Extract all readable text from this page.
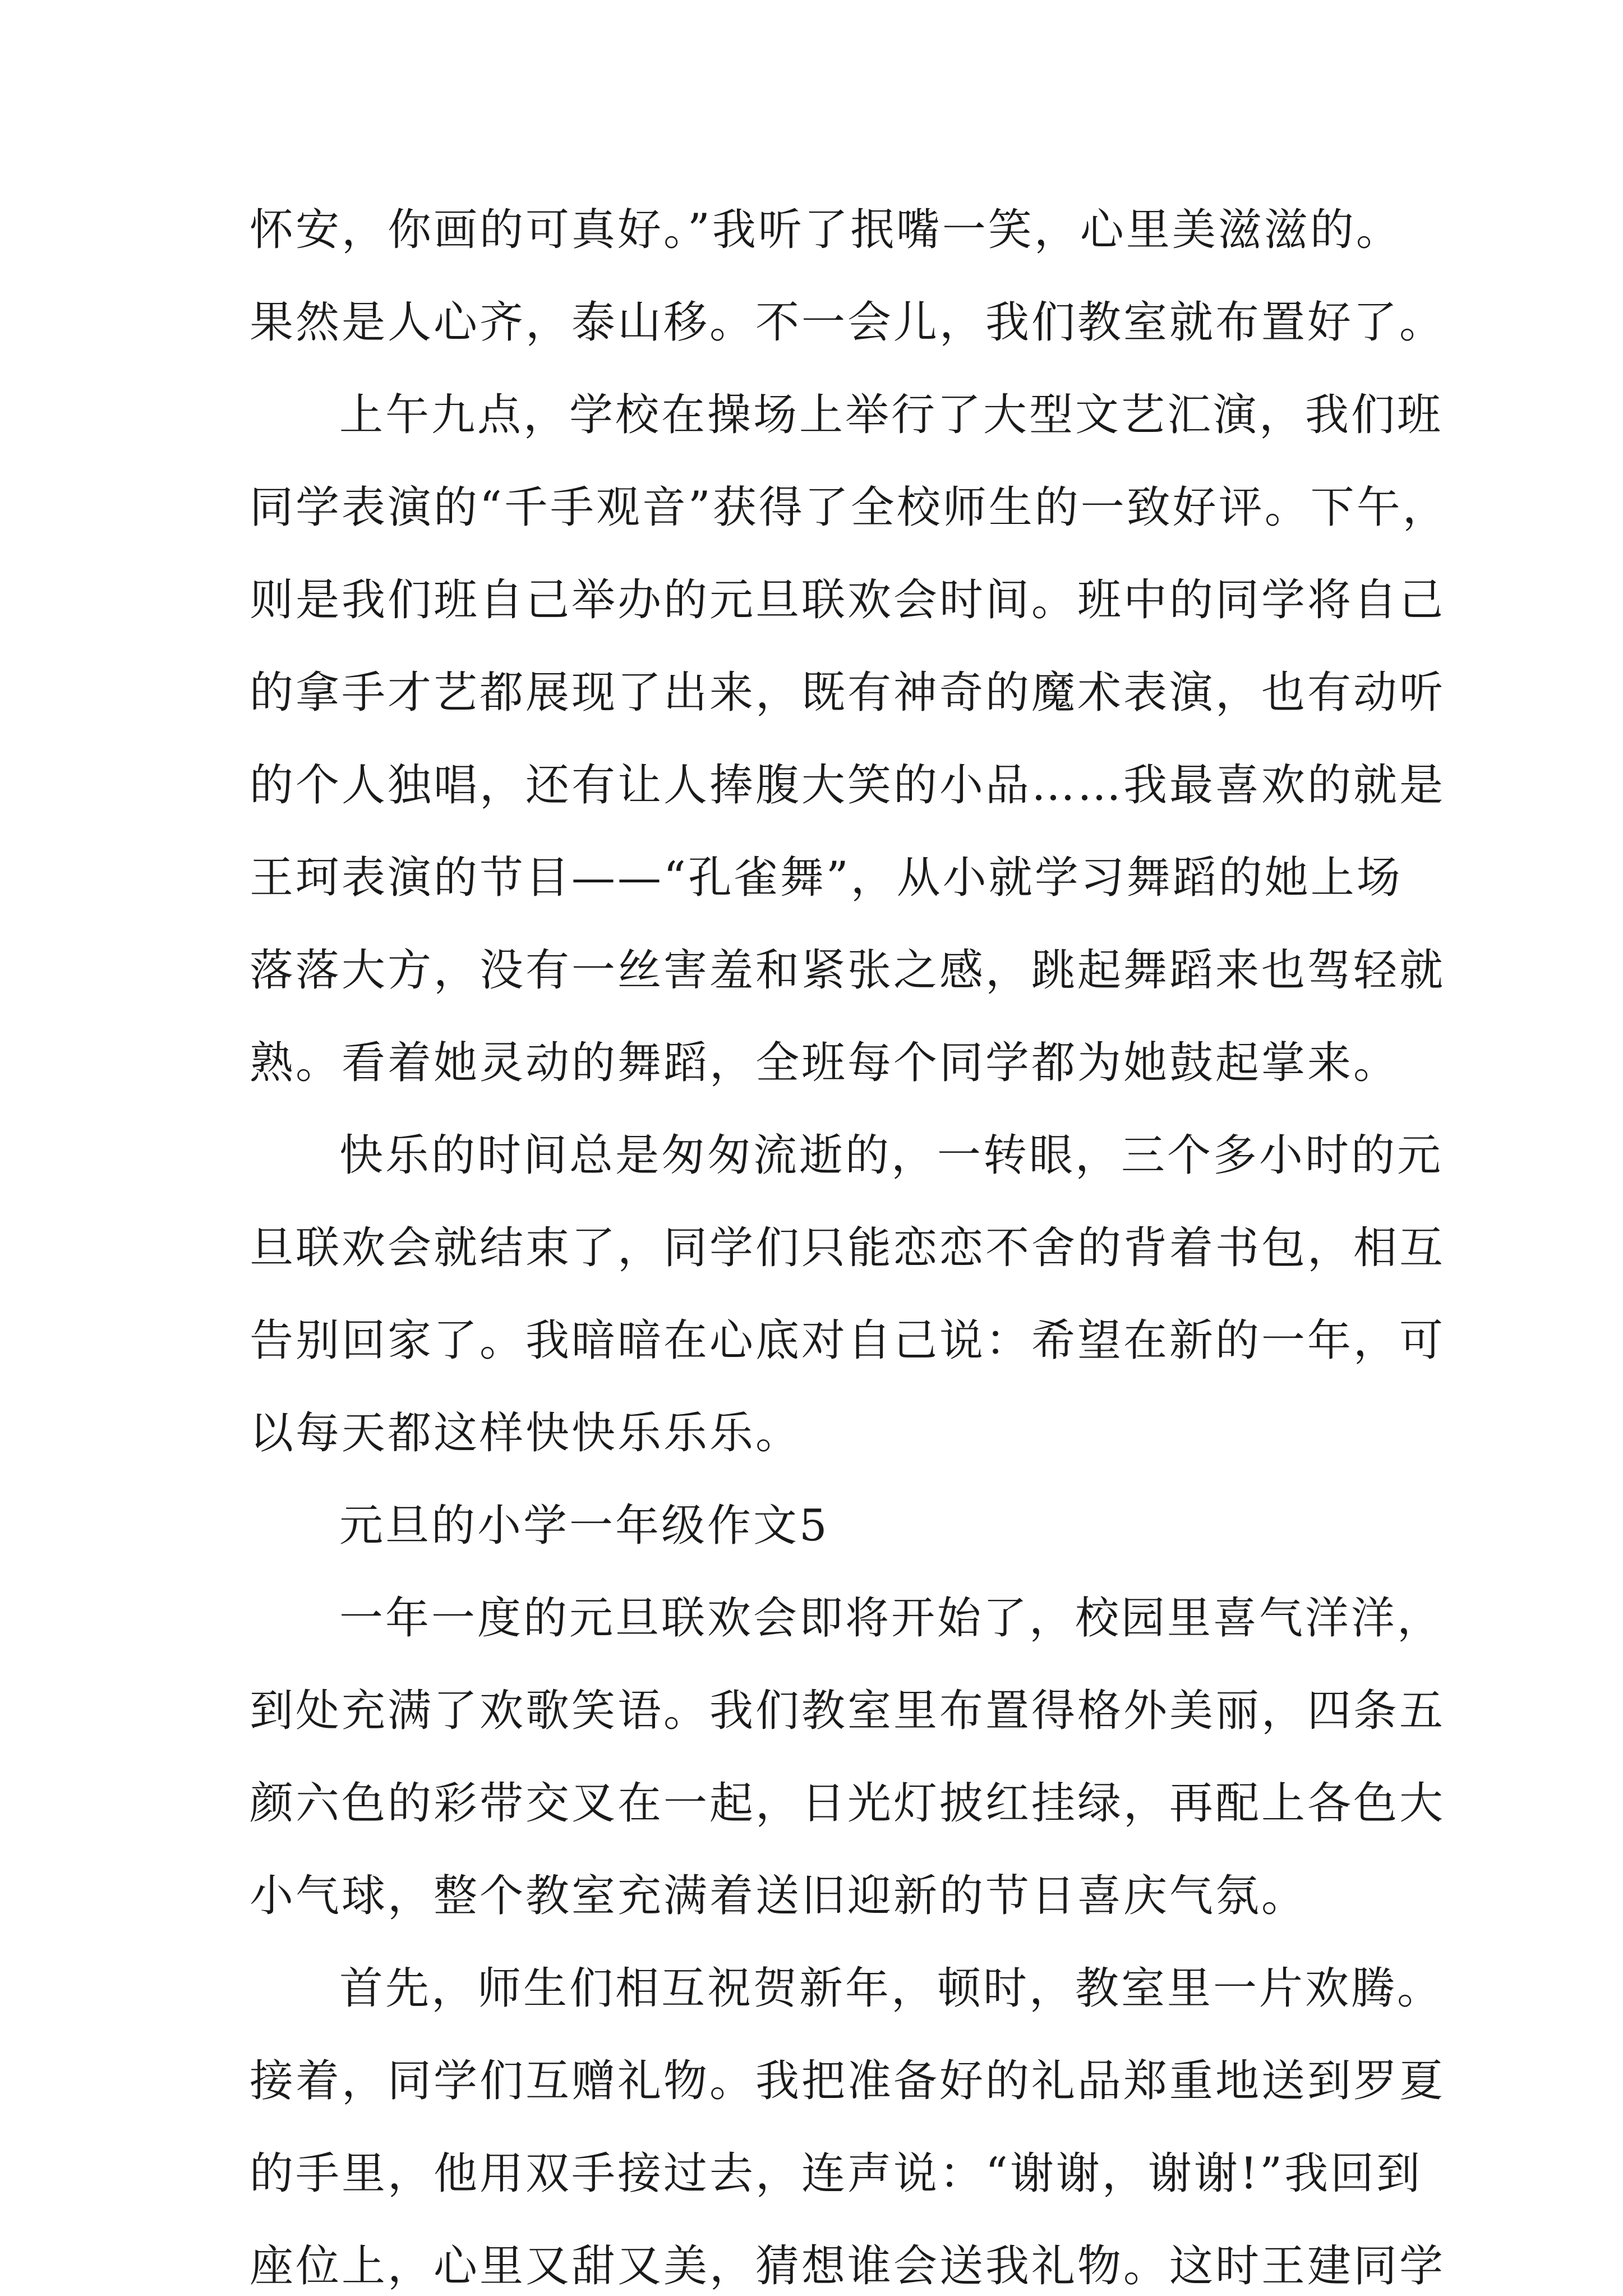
怀安，你画的可真好。”我听了抿嘴一笑，心里美滋滋的。

果然是人心齐，泰山移。不一会儿，我们教室就布置好了。

上午九点，学校在操场上举行了大型文艺汇演，我们班

同学表演的“千手观音”获得了全校师生的一致好评。下午，

则是我们班自己举办的元旦联欢会时间。班中的同学将自己

的拿手才艺都展现了出来，既有神奇的魔术表演，也有动听

的个人独唱，还有让人捧腹大笑的小品……我最喜欢的就是

王珂表演的节目——“孔雀舞”，从小就学习舞蹈的她上场

落落大方，没有一丝害羞和紧张之感，跳起舞蹈来也驾轻就

熟。看着她灵动的舞蹈，全班每个同学都为她鼓起掌来。

快乐的时间总是匆匆流逝的，一转眼，三个多小时的元

旦联欢会就结束了，同学们只能恋恋不舍的背着书包，相互

告别回家了。我暗暗在心底对自己说：希望在新的一年，可

以每天都这样快快乐乐乐。

元旦的小学一年级作文5

一年一度的元旦联欢会即将开始了，校园里喜气洋洋，

到处充满了欢歌笑语。我们教室里布置得格外美丽，四条五

颜六色的彩带交叉在一起，日光灯披红挂绿，再配上各色大

小气球，整个教室充满着送旧迎新的节日喜庆气氛。

首先，师生们相互祝贺新年，顿时，教室里一片欢腾。

接着，同学们互赠礼物。我把准备好的礼品郑重地送到罗夏

的手里，他用双手接过去，连声说：“谢谢，谢谢!”我回到

座位上，心里又甜又美，猜想谁会送我礼物。这时王建同学
